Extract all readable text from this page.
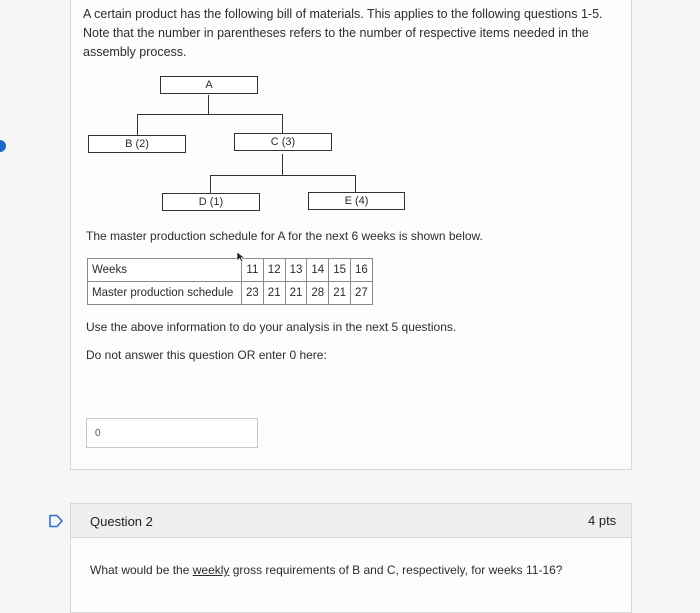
A certain product has the following bill of materials. This applies to the following questions 1-5. Note that the number in parentheses refers to the number of respective items needed in the assembly process.

A
B (2)	C (3)
D (1)	E (4)

The master production schedule for A for the next 6 weeks is shown below.

Weeks	11	12	13	14	15	16
Master production schedule	23	21	21	28	21	27

Use the above information to do your analysis in the next 5 questions.

Do not answer this question OR enter 0 here:

0
Question 2	4 pts
What would be the weekly gross requirements of B and C, respectively, for weeks 11-16?
